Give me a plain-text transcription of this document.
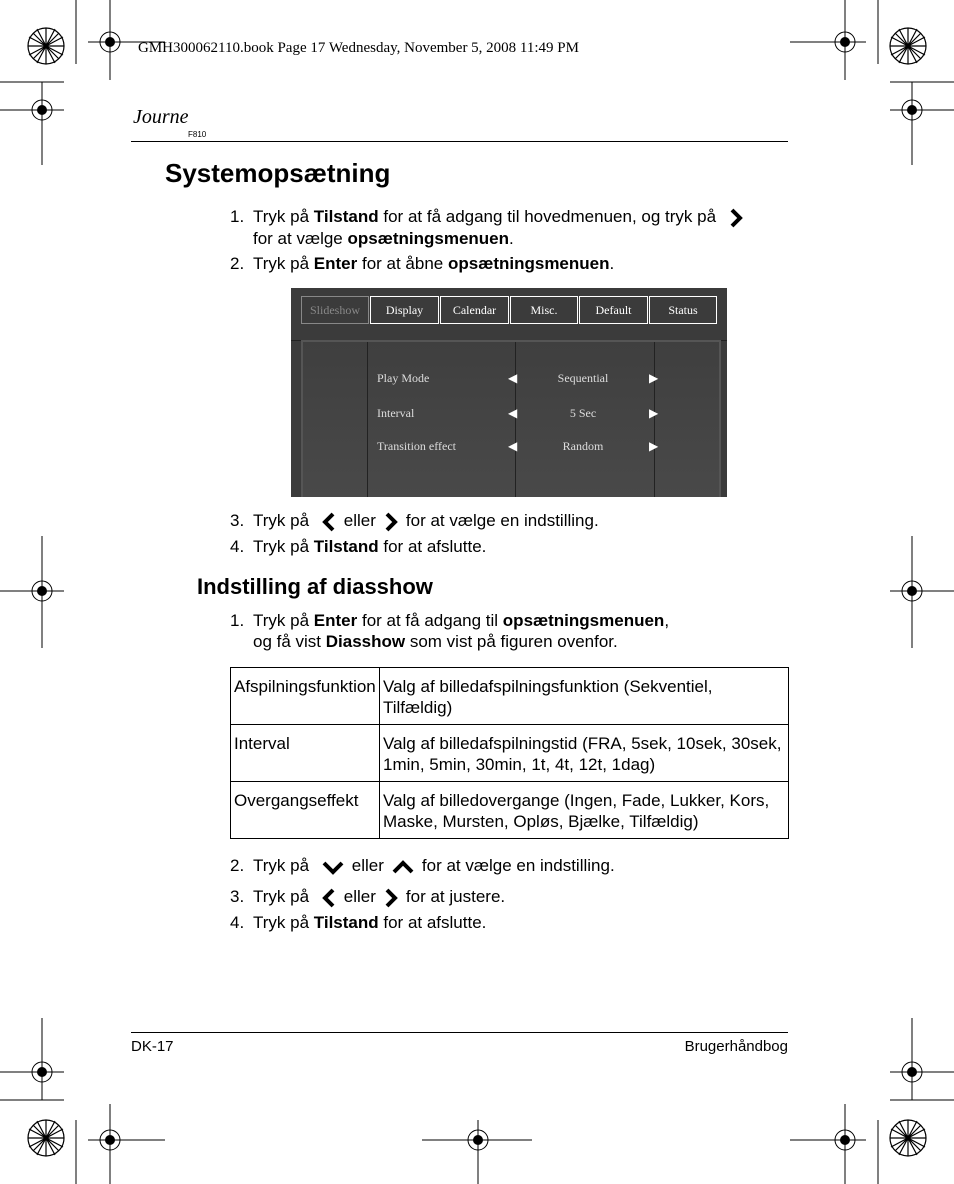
GMH300062110.book Page 17 Wednesday, November 5, 2008 11:49 PM
Journe
F810
Systemopsætning
1. Tryk på Tilstand for at få adgang til hovedmenuen, og tryk på
for at vælge opsætningsmenuen.
2. Tryk på Enter for at åbne opsætningsmenuen.
Slideshow	Display	Calendar	Misc.	Default	Status
Play Mode	◀	Sequential	▶
Interval	◀	5 Sec	▶
Transition effect	◀	Random	▶
3. Tryk på eller for at vælge en indstilling.
4. Tryk på Tilstand for at afslutte.
Indstilling af diasshow
1. Tryk på Enter for at få adgang til opsætningsmenuen,
og få vist Diasshow som vist på figuren ovenfor.
Afspilningsfunktion	Valg af billedafspilningsfunktion (Sekventiel, Tilfældig)
Interval	Valg af billedafspilningstid (FRA, 5sek, 10sek, 30sek, 1min, 5min, 30min, 1t, 4t, 12t, 1dag)
Overgangseffekt	Valg af billedovergange (Ingen, Fade, Lukker, Kors, Maske, Mursten, Opløs, Bjælke, Tilfældig)
2. Tryk på	eller for at vælge en indstilling.
3. Tryk på eller for at justere.
4. Tryk på Tilstand for at afslutte.
DK-17	Brugerhåndbog
